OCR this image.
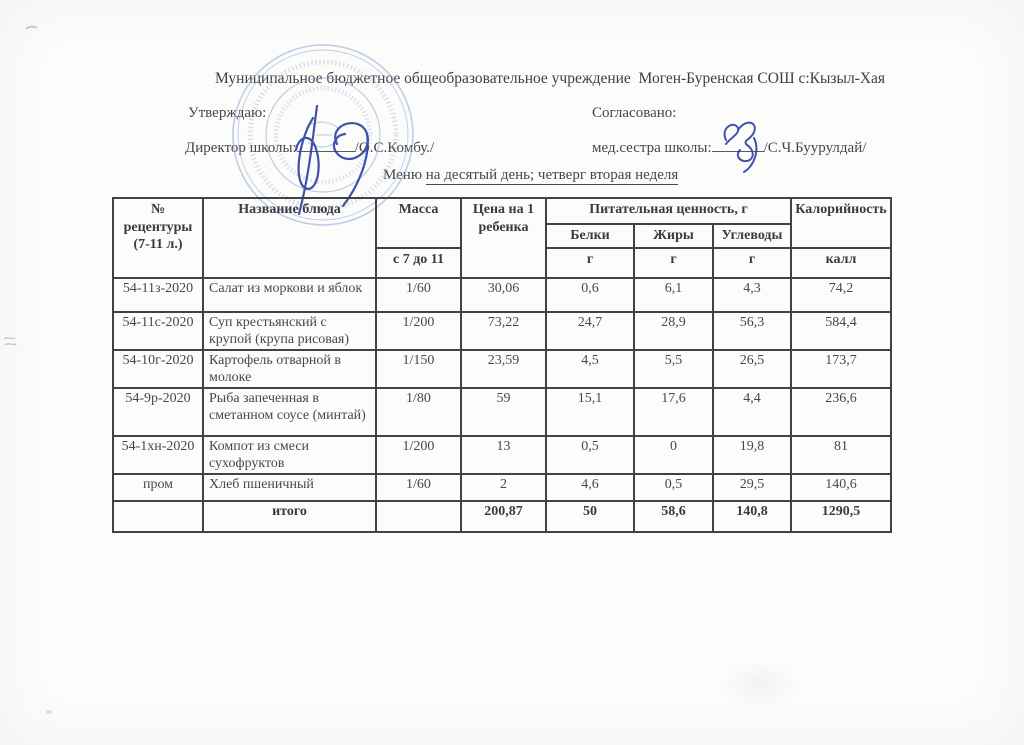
Муниципальное бюджетное общеобразовательное учреждение  Моген-Буренская СОШ с:Кызыл-Хая
Утверждаю:	Согласовано:
Директор школы:	/О.С.Комбу./	мед.сестра школы:	/С.Ч.Буурулдай/
Меню на десятый день; четверг вторая неделя
№ рецентуры (7-11 л.)	Название блюда	Масса	Цена на 1 ребенка	Питательная ценность, г			Калорийность
				Белки	Жиры	Углеводы	
		с 7 до 11		г	г	г	калл
54-11з-2020	Салат из моркови и яблок	1/60	30,06	0,6	6,1	4,3	74,2
54-11с-2020	Суп крестьянский с крупой (крупа рисовая)	1/200	73,22	24,7	28,9	56,3	584,4
54-10г-2020	Картофель отварной в молоке	1/150	23,59	4,5	5,5	26,5	173,7
54-9р-2020	Рыба запеченная в сметанном соусе (минтай)	1/80	59	15,1	17,6	4,4	236,6
54-1хн-2020	Компот из смеси сухофруктов	1/200	13	0,5	0	19,8	81
пром	Хлеб пшеничный	1/60	2	4,6	0,5	29,5	140,6
	итого		200,87	50	58,6	140,8	1290,5
